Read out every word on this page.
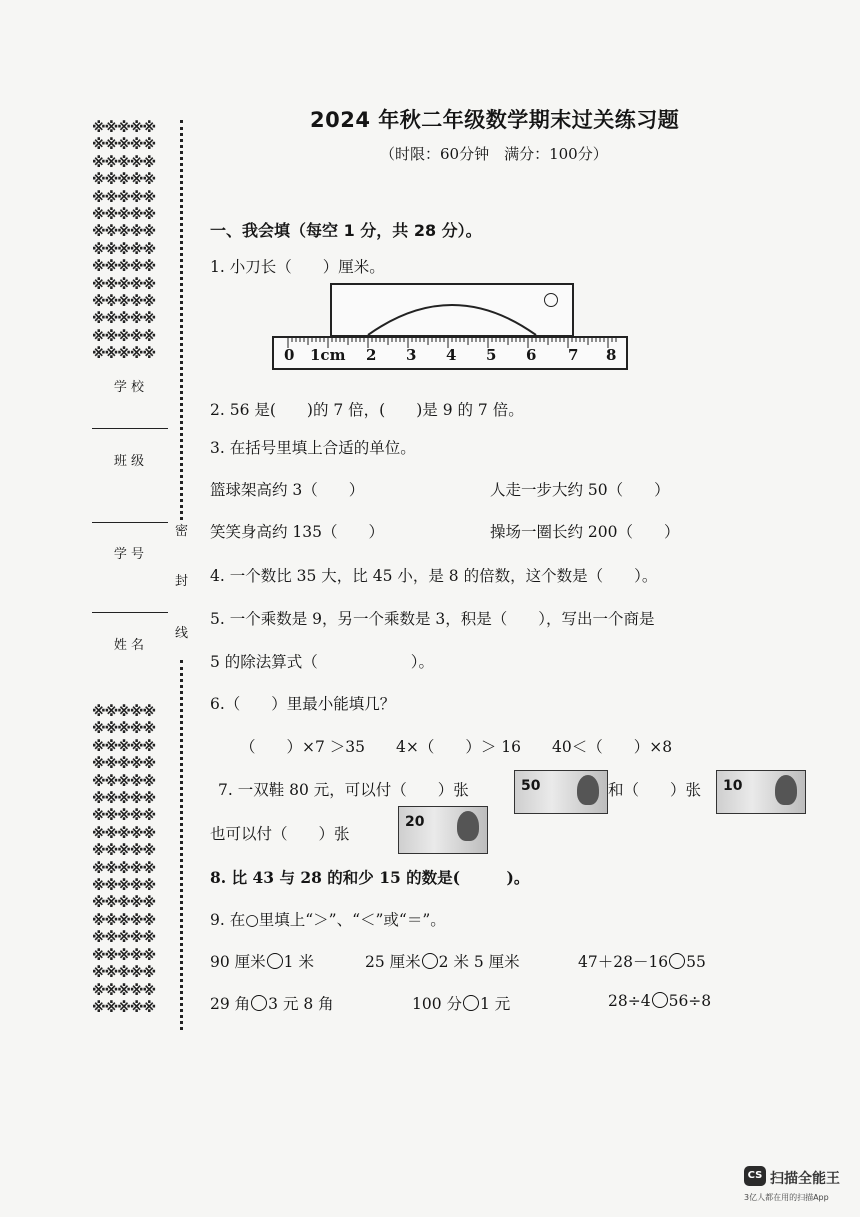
※※※※※
※※※※※
※※※※※
※※※※※
※※※※※
※※※※※
※※※※※
※※※※※
※※※※※
※※※※※
※※※※※
※※※※※
※※※※※
※※※※※
学 校
班 级
学 号
姓 名
※※※※※
※※※※※
※※※※※
※※※※※
※※※※※
※※※※※
※※※※※
※※※※※
※※※※※
※※※※※
※※※※※
※※※※※
※※※※※
※※※※※
※※※※※
※※※※※
※※※※※
※※※※※
密
封
线
2024 年秋二年级数学期末过关练习题
（时限：60分钟　满分：100分）
一、我会填（每空 1 分，共 28 分）。
1. 小刀长（　　）厘米。
0 1cm 2 3 4 5 6 7 8
2. 56 是(　　)的 7 倍，(　　)是 9 的 7 倍。
3. 在括号里填上合适的单位。
篮球架高约 3（　　）	人走一步大约 50（　　）
笑笑身高约 135（　　）	操场一圈长约 200（　　）
4. 一个数比 35 大，比 45 小，是 8 的倍数，这个数是（　　）。
5. 一个乘数是 9，另一个乘数是 3，积是（　　），写出一个商是
5 的除法算式（　　　　　　）。
6.（　　）里最小能填几？
（　　）×7 ＞35　　4×（　　）＞ 16　　40＜（　　）×8
7. 一双鞋 80 元，可以付（　　）张	50	和（　　）张 10
也可以付（　　）张
20
8. 比 43 与 28 的和少 15 的数是(　　　)。
9. 在○里填上“＞”、“＜”或“＝”。
90 厘米 1 米	25 厘米 2 米 5 厘米	47＋28－16 55
29 角 3 元 8 角	100 分 1 元	28÷4 56÷8
CS 扫描全能王
3亿人都在用的扫描App
